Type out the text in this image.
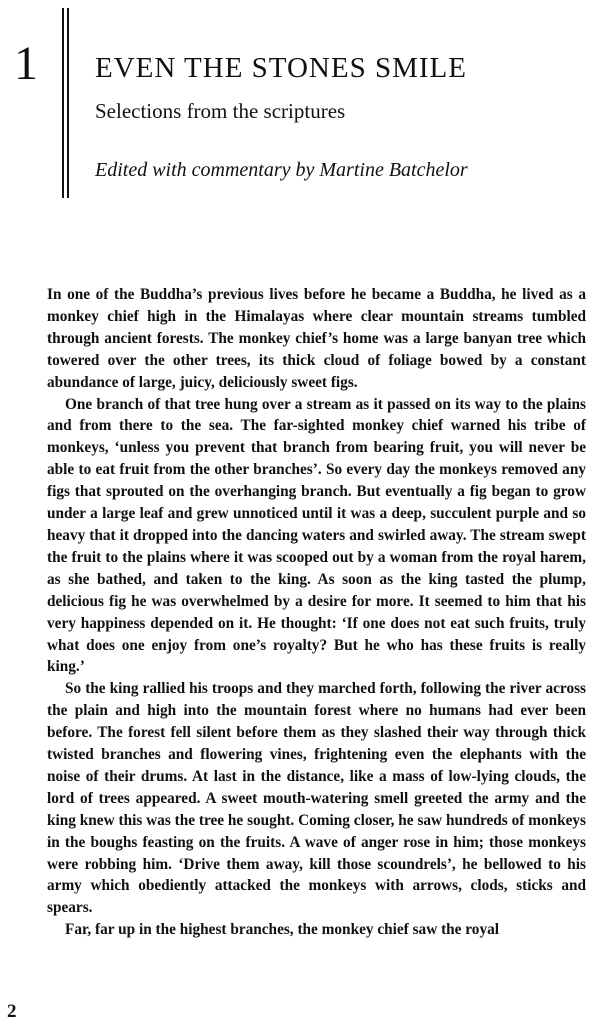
1 EVEN THE STONES SMILE
Selections from the scriptures
Edited with commentary by Martine Batchelor

In one of the Buddha’s previous lives before he became a Buddha, he lived as a monkey chief high in the Himalayas where clear mountain streams tumbled through ancient forests. The monkey chief’s home was a large banyan tree which towered over the other trees, its thick cloud of foliage bowed by a constant abundance of large, juicy, deliciously sweet figs.

One branch of that tree hung over a stream as it passed on its way to the plains and from there to the sea. The far-sighted monkey chief warned his tribe of monkeys, ‘unless you prevent that branch from bearing fruit, you will never be able to eat fruit from the other branches’. So every day the monkeys removed any figs that sprouted on the overhanging branch. But eventually a fig began to grow under a large leaf and grew unnoticed until it was a deep, succulent purple and so heavy that it dropped into the dancing waters and swirled away. The stream swept the fruit to the plains where it was scooped out by a woman from the royal harem, as she bathed, and taken to the king. As soon as the king tasted the plump, delicious fig he was overwhelmed by a desire for more. It seemed to him that his very happiness depended on it. He thought: ‘If one does not eat such fruits, truly what does one enjoy from one’s royalty? But he who has these fruits is really king.’

So the king rallied his troops and they marched forth, following the river across the plain and high into the mountain forest where no humans had ever been before. The forest fell silent before them as they slashed their way through thick twisted branches and flowering vines, frightening even the elephants with the noise of their drums. At last in the distance, like a mass of low-lying clouds, the lord of trees appeared. A sweet mouth-watering smell greeted the army and the king knew this was the tree he sought. Coming closer, he saw hundreds of monkeys in the boughs feasting on the fruits. A wave of anger rose in him; those monkeys were robbing him. ‘Drive them away, kill those scoundrels’, he bellowed to his army which obediently attacked the monkeys with arrows, clods, sticks and spears.

Far, far up in the highest branches, the monkey chief saw the royal

2
